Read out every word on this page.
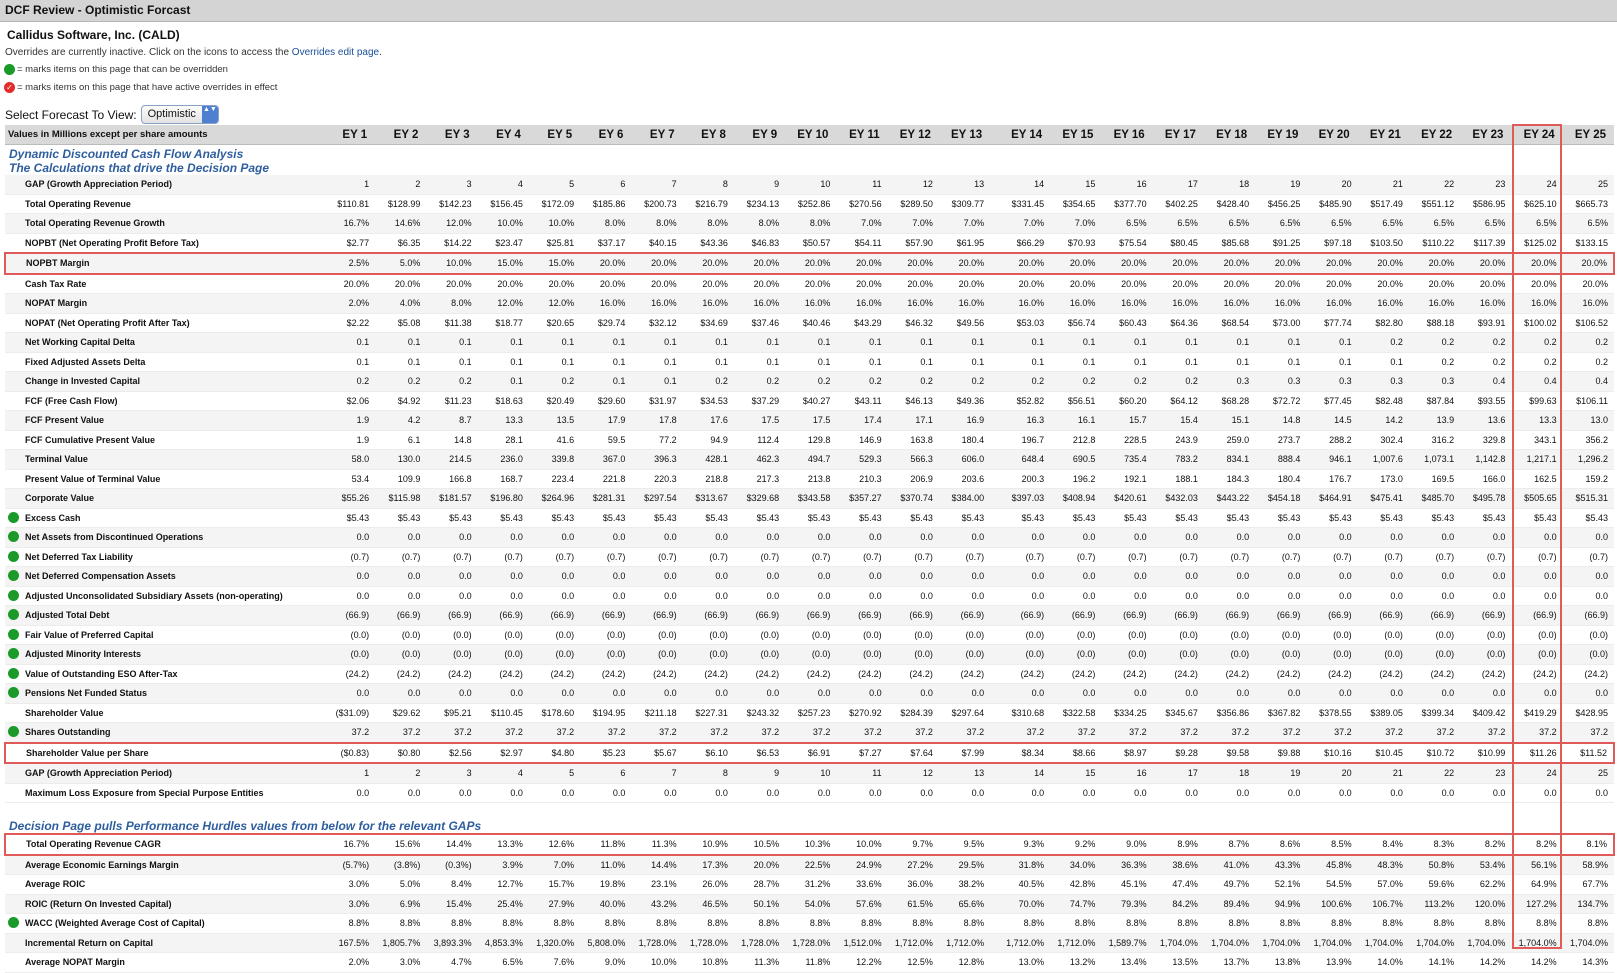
DCF Review - Optimistic Forcast
Callidus Software, Inc. (CALD)
Overrides are currently inactive. Click on the icons to access the Overrides edit page.
= marks items on this page that can be overridden
✓ = marks items on this page that have active overrides in effect
Select Forecast To View:	Optimistic ▲▼
Values in Millions except per share amounts	EY 1	EY 2	EY 3	EY 4	EY 5	EY 6	EY 7	EY 8	EY 9	EY 10	EY 11	EY 12	EY 13	EY 14	EY 15	EY 16	EY 17	EY 18	EY 19	EY 20	EY 21	EY 22	EY 23	EY 24	EY 25

Dynamic Discounted Cash Flow Analysis
The Calculations that drive the Decision Page																									

GAP (Growth Appreciation Period)	1	2	3	4	5	6	7	8	9	10	11	12	13	14	15	16	17	18	19	20	21	22	23	24	25
Total Operating Revenue	$110.81	$128.99	$142.23	$156.45	$172.09	$185.86	$200.73	$216.79	$234.13	$252.86	$270.56	$289.50	$309.77	$331.45	$354.65	$377.70	$402.25	$428.40	$456.25	$485.90	$517.49	$551.12	$586.95	$625.10	$665.73
Total Operating Revenue Growth	16.7%	14.6%	12.0%	10.0%	10.0%	8.0%	8.0%	8.0%	8.0%	8.0%	7.0%	7.0%	7.0%	7.0%	7.0%	6.5%	6.5%	6.5%	6.5%	6.5%	6.5%	6.5%	6.5%	6.5%	6.5%
NOPBT (Net Operating Profit Before Tax)	$2.77	$6.35	$14.22	$23.47	$25.81	$37.17	$40.15	$43.36	$46.83	$50.57	$54.11	$57.90	$61.95	$66.29	$70.93	$75.54	$80.45	$85.68	$91.25	$97.18	$103.50	$110.22	$117.39	$125.02	$133.15
NOPBT Margin	2.5%	5.0%	10.0%	15.0%	15.0%	20.0%	20.0%	20.0%	20.0%	20.0%	20.0%	20.0%	20.0%	20.0%	20.0%	20.0%	20.0%	20.0%	20.0%	20.0%	20.0%	20.0%	20.0%	20.0%	20.0%
Cash Tax Rate	20.0%	20.0%	20.0%	20.0%	20.0%	20.0%	20.0%	20.0%	20.0%	20.0%	20.0%	20.0%	20.0%	20.0%	20.0%	20.0%	20.0%	20.0%	20.0%	20.0%	20.0%	20.0%	20.0%	20.0%	20.0%
NOPAT Margin	2.0%	4.0%	8.0%	12.0%	12.0%	16.0%	16.0%	16.0%	16.0%	16.0%	16.0%	16.0%	16.0%	16.0%	16.0%	16.0%	16.0%	16.0%	16.0%	16.0%	16.0%	16.0%	16.0%	16.0%	16.0%
NOPAT (Net Operating Profit After Tax)	$2.22	$5.08	$11.38	$18.77	$20.65	$29.74	$32.12	$34.69	$37.46	$40.46	$43.29	$46.32	$49.56	$53.03	$56.74	$60.43	$64.36	$68.54	$73.00	$77.74	$82.80	$88.18	$93.91	$100.02	$106.52
Net Working Capital Delta	0.1	0.1	0.1	0.1	0.1	0.1	0.1	0.1	0.1	0.1	0.1	0.1	0.1	0.1	0.1	0.1	0.1	0.1	0.1	0.1	0.2	0.2	0.2	0.2	0.2
Fixed Adjusted Assets Delta	0.1	0.1	0.1	0.1	0.1	0.1	0.1	0.1	0.1	0.1	0.1	0.1	0.1	0.1	0.1	0.1	0.1	0.1	0.1	0.1	0.1	0.2	0.2	0.2	0.2
Change in Invested Capital	0.2	0.2	0.2	0.1	0.2	0.1	0.1	0.2	0.2	0.2	0.2	0.2	0.2	0.2	0.2	0.2	0.2	0.3	0.3	0.3	0.3	0.3	0.4	0.4	0.4
FCF (Free Cash Flow)	$2.06	$4.92	$11.23	$18.63	$20.49	$29.60	$31.97	$34.53	$37.29	$40.27	$43.11	$46.13	$49.36	$52.82	$56.51	$60.20	$64.12	$68.28	$72.72	$77.45	$82.48	$87.84	$93.55	$99.63	$106.11
FCF Present Value	1.9	4.2	8.7	13.3	13.5	17.9	17.8	17.6	17.5	17.5	17.4	17.1	16.9	16.3	16.1	15.7	15.4	15.1	14.8	14.5	14.2	13.9	13.6	13.3	13.0
FCF Cumulative Present Value	1.9	6.1	14.8	28.1	41.6	59.5	77.2	94.9	112.4	129.8	146.9	163.8	180.4	196.7	212.8	228.5	243.9	259.0	273.7	288.2	302.4	316.2	329.8	343.1	356.2
Terminal Value	58.0	130.0	214.5	236.0	339.8	367.0	396.3	428.1	462.3	494.7	529.3	566.3	606.0	648.4	690.5	735.4	783.2	834.1	888.4	946.1	1,007.6	1,073.1	1,142.8	1,217.1	1,296.2
Present Value of Terminal Value	53.4	109.9	166.8	168.7	223.4	221.8	220.3	218.8	217.3	213.8	210.3	206.9	203.6	200.3	196.2	192.1	188.1	184.3	180.4	176.7	173.0	169.5	166.0	162.5	159.2
Corporate Value	$55.26	$115.98	$181.57	$196.80	$264.96	$281.31	$297.54	$313.67	$329.68	$343.58	$357.27	$370.74	$384.00	$397.03	$408.94	$420.61	$432.03	$443.22	$454.18	$464.91	$475.41	$485.70	$495.78	$505.65	$515.31

Excess Cash	$5.43	$5.43	$5.43	$5.43	$5.43	$5.43	$5.43	$5.43	$5.43	$5.43	$5.43	$5.43	$5.43	$5.43	$5.43	$5.43	$5.43	$5.43	$5.43	$5.43	$5.43	$5.43	$5.43	$5.43	$5.43

Net Assets from Discontinued Operations	0.0	0.0	0.0	0.0	0.0	0.0	0.0	0.0	0.0	0.0	0.0	0.0	0.0	0.0	0.0	0.0	0.0	0.0	0.0	0.0	0.0	0.0	0.0	0.0	0.0

Net Deferred Tax Liability	(0.7)	(0.7)	(0.7)	(0.7)	(0.7)	(0.7)	(0.7)	(0.7)	(0.7)	(0.7)	(0.7)	(0.7)	(0.7)	(0.7)	(0.7)	(0.7)	(0.7)	(0.7)	(0.7)	(0.7)	(0.7)	(0.7)	(0.7)	(0.7)	(0.7)

Net Deferred Compensation Assets	0.0	0.0	0.0	0.0	0.0	0.0	0.0	0.0	0.0	0.0	0.0	0.0	0.0	0.0	0.0	0.0	0.0	0.0	0.0	0.0	0.0	0.0	0.0	0.0	0.0

Adjusted Unconsolidated Subsidiary Assets (non-operating)	0.0	0.0	0.0	0.0	0.0	0.0	0.0	0.0	0.0	0.0	0.0	0.0	0.0	0.0	0.0	0.0	0.0	0.0	0.0	0.0	0.0	0.0	0.0	0.0	0.0

Adjusted Total Debt	(66.9)	(66.9)	(66.9)	(66.9)	(66.9)	(66.9)	(66.9)	(66.9)	(66.9)	(66.9)	(66.9)	(66.9)	(66.9)	(66.9)	(66.9)	(66.9)	(66.9)	(66.9)	(66.9)	(66.9)	(66.9)	(66.9)	(66.9)	(66.9)	(66.9)

Fair Value of Preferred Capital	(0.0)	(0.0)	(0.0)	(0.0)	(0.0)	(0.0)	(0.0)	(0.0)	(0.0)	(0.0)	(0.0)	(0.0)	(0.0)	(0.0)	(0.0)	(0.0)	(0.0)	(0.0)	(0.0)	(0.0)	(0.0)	(0.0)	(0.0)	(0.0)	(0.0)

Adjusted Minority Interests	(0.0)	(0.0)	(0.0)	(0.0)	(0.0)	(0.0)	(0.0)	(0.0)	(0.0)	(0.0)	(0.0)	(0.0)	(0.0)	(0.0)	(0.0)	(0.0)	(0.0)	(0.0)	(0.0)	(0.0)	(0.0)	(0.0)	(0.0)	(0.0)	(0.0)

Value of Outstanding ESO After-Tax	(24.2)	(24.2)	(24.2)	(24.2)	(24.2)	(24.2)	(24.2)	(24.2)	(24.2)	(24.2)	(24.2)	(24.2)	(24.2)	(24.2)	(24.2)	(24.2)	(24.2)	(24.2)	(24.2)	(24.2)	(24.2)	(24.2)	(24.2)	(24.2)	(24.2)

Pensions Net Funded Status	0.0	0.0	0.0	0.0	0.0	0.0	0.0	0.0	0.0	0.0	0.0	0.0	0.0	0.0	0.0	0.0	0.0	0.0	0.0	0.0	0.0	0.0	0.0	0.0	0.0
Shareholder Value	($31.09)	$29.62	$95.21	$110.45	$178.60	$194.95	$211.18	$227.31	$243.32	$257.23	$270.92	$284.39	$297.64	$310.68	$322.58	$334.25	$345.67	$356.86	$367.82	$378.55	$389.05	$399.34	$409.42	$419.29	$428.95

Shares Outstanding	37.2	37.2	37.2	37.2	37.2	37.2	37.2	37.2	37.2	37.2	37.2	37.2	37.2	37.2	37.2	37.2	37.2	37.2	37.2	37.2	37.2	37.2	37.2	37.2	37.2
Shareholder Value per Share	($0.83)	$0.80	$2.56	$2.97	$4.80	$5.23	$5.67	$6.10	$6.53	$6.91	$7.27	$7.64	$7.99	$8.34	$8.66	$8.97	$9.28	$9.58	$9.88	$10.16	$10.45	$10.72	$10.99	$11.26	$11.52
GAP (Growth Appreciation Period)	1	2	3	4	5	6	7	8	9	10	11	12	13	14	15	16	17	18	19	20	21	22	23	24	25
Maximum Loss Exposure from Special Purpose Entities	0.0	0.0	0.0	0.0	0.0	0.0	0.0	0.0	0.0	0.0	0.0	0.0	0.0	0.0	0.0	0.0	0.0	0.0	0.0	0.0	0.0	0.0	0.0	0.0	0.0

Decision Page pulls Performance Hurdles values from below for the relevant GAPs																									

Total Operating Revenue CAGR	16.7%	15.6%	14.4%	13.3%	12.6%	11.8%	11.3%	10.9%	10.5%	10.3%	10.0%	9.7%	9.5%	9.3%	9.2%	9.0%	8.9%	8.7%	8.6%	8.5%	8.4%	8.3%	8.2%	8.2%	8.1%
Average Economic Earnings Margin	(5.7%)	(3.8%)	(0.3%)	3.9%	7.0%	11.0%	14.4%	17.3%	20.0%	22.5%	24.9%	27.2%	29.5%	31.8%	34.0%	36.3%	38.6%	41.0%	43.3%	45.8%	48.3%	50.8%	53.4%	56.1%	58.9%
Average ROIC	3.0%	5.0%	8.4%	12.7%	15.7%	19.8%	23.1%	26.0%	28.7%	31.2%	33.6%	36.0%	38.2%	40.5%	42.8%	45.1%	47.4%	49.7%	52.1%	54.5%	57.0%	59.6%	62.2%	64.9%	67.7%
ROIC (Return On Invested Capital)	3.0%	6.9%	15.4%	25.4%	27.9%	40.0%	43.2%	46.5%	50.1%	54.0%	57.6%	61.5%	65.6%	70.0%	74.7%	79.3%	84.2%	89.4%	94.9%	100.6%	106.7%	113.2%	120.0%	127.2%	134.7%

WACC (Weighted Average Cost of Capital)	8.8%	8.8%	8.8%	8.8%	8.8%	8.8%	8.8%	8.8%	8.8%	8.8%	8.8%	8.8%	8.8%	8.8%	8.8%	8.8%	8.8%	8.8%	8.8%	8.8%	8.8%	8.8%	8.8%	8.8%	8.8%
Incremental Return on Capital	167.5%	1,805.7%	3,893.3%	4,853.3%	1,320.0%	5,808.0%	1,728.0%	1,728.0%	1,728.0%	1,728.0%	1,512.0%	1,712.0%	1,712.0%	1,712.0%	1,712.0%	1,589.7%	1,704.0%	1,704.0%	1,704.0%	1,704.0%	1,704.0%	1,704.0%	1,704.0%	1,704.0%	1,704.0%
Average NOPAT Margin	2.0%	3.0%	4.7%	6.5%	7.6%	9.0%	10.0%	10.8%	11.3%	11.8%	12.2%	12.5%	12.8%	13.0%	13.2%	13.4%	13.5%	13.7%	13.8%	13.9%	14.0%	14.1%	14.2%	14.2%	14.3%
